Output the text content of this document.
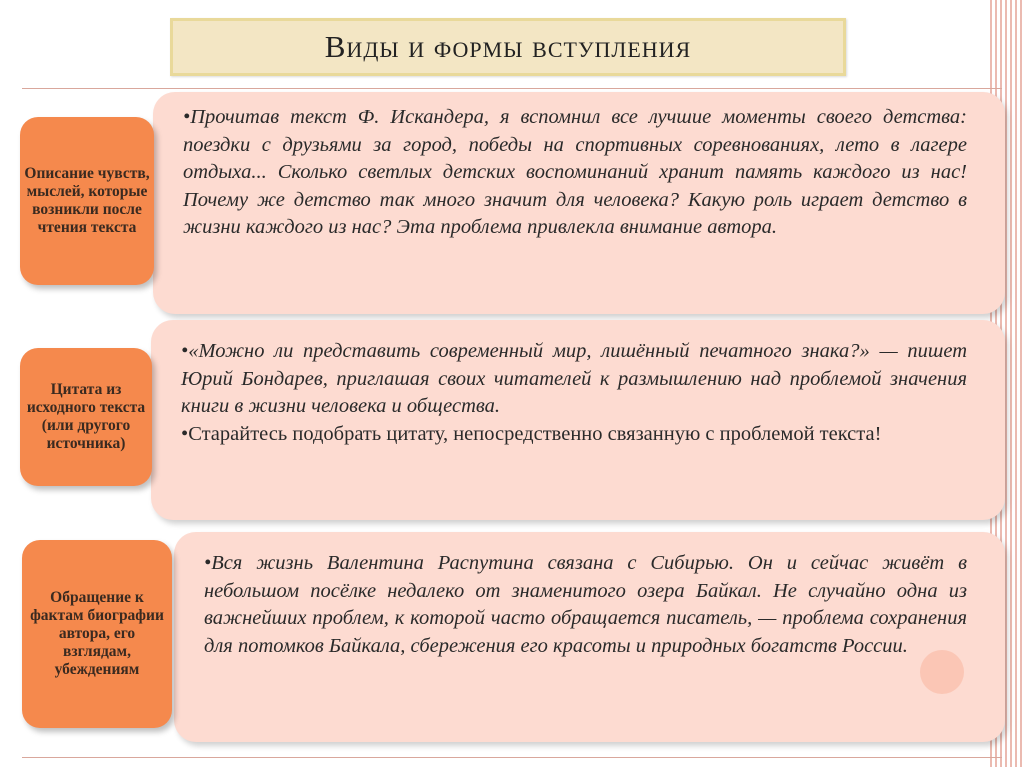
Виды и формы вступления

• Прочитав текст Ф. Искандера, я вспомнил все лучшие моменты своего детства: поездки с друзьями за город, победы на спортивных соревнованиях, лето в лагере отдыха... Сколько светлых детских воспоминаний хранит память каждого из нас! Почему же детство так много значит для человека? Какую роль играет детство в жизни каждого из нас? Эта проблема привлекла внимание автора.

Описание чувств, мыслей, которые возникли после чтения текста

• «Можно ли представить современный мир, лишённый печатного знака?» — пишет Юрий Бондарев, приглашая своих читателей к размышлению над проблемой значения книги в жизни человека и общества.

• Старайтесь подобрать цитату, непосредственно связанную с проблемой текста!

Цитата из исходного текста (или другого источника)

• Вся жизнь Валентина Распутина связана с Сибирью. Он и сейчас живёт в небольшом посёлке недалеко от знаменитого озера Байкал. Не случайно одна из важнейших проблем, к которой часто обращается писатель, — проблема сохранения для потомков Байкала, сбережения его красоты и природных богатств России.

Обращение к фактам биографии автора, его взглядам, убеждениям
